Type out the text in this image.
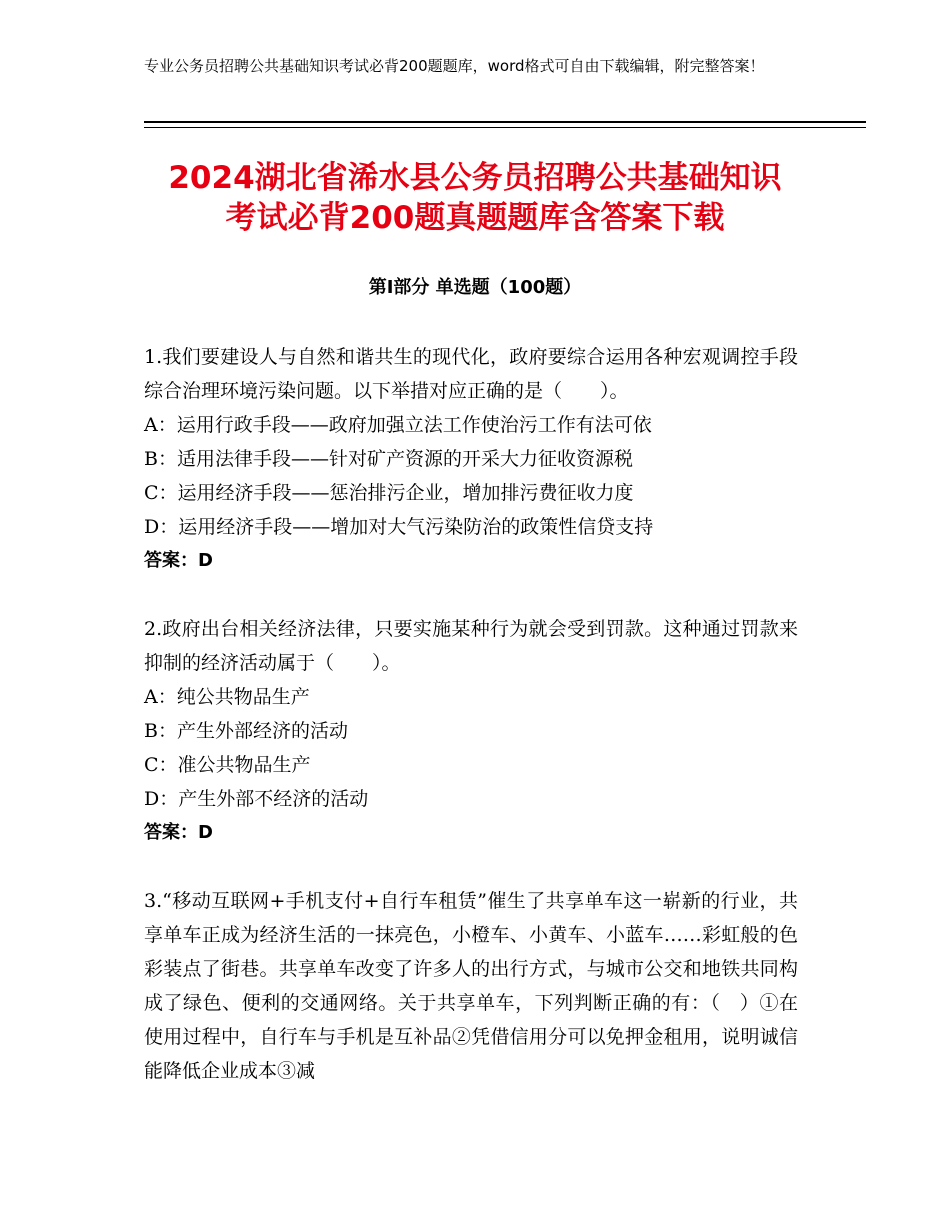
专业公务员招聘公共基础知识考试必背200题题库，word格式可自由下载编辑，附完整答案！
2024湖北省浠水县公务员招聘公共基础知识
考试必背200题真题题库含答案下载
第I部分 单选题（100题）

1.我们要建设人与自然和谐共生的现代化，政府要综合运用各种宏观调控手段综合治理环境污染问题。以下举措对应正确的是（　　）。

A：运用行政手段——政府加强立法工作使治污工作有法可依

B：适用法律手段——针对矿产资源的开采大力征收资源税

C：运用经济手段——惩治排污企业，增加排污费征收力度

D：运用经济手段——增加对大气污染防治的政策性信贷支持

答案：D

2.政府出台相关经济法律，只要实施某种行为就会受到罚款。这种通过罚款来抑制的经济活动属于（　　）。

A：纯公共物品生产

B：产生外部经济的活动

C：准公共物品生产

D：产生外部不经济的活动

答案：D

3.“移动互联网+手机支付+自行车租赁”催生了共享单车这一崭新的行业，共享单车正成为经济生活的一抹亮色，小橙车、小黄车、小蓝车……彩虹般的色彩装点了街巷。共享单车改变了许多人的出行方式，与城市公交和地铁共同构成了绿色、便利的交通网络。关于共享单车，下列判断正确的有：（　）①在使用过程中，自行车与手机是互补品②凭借信用分可以免押金租用，说明诚信能降低企业成本③减
